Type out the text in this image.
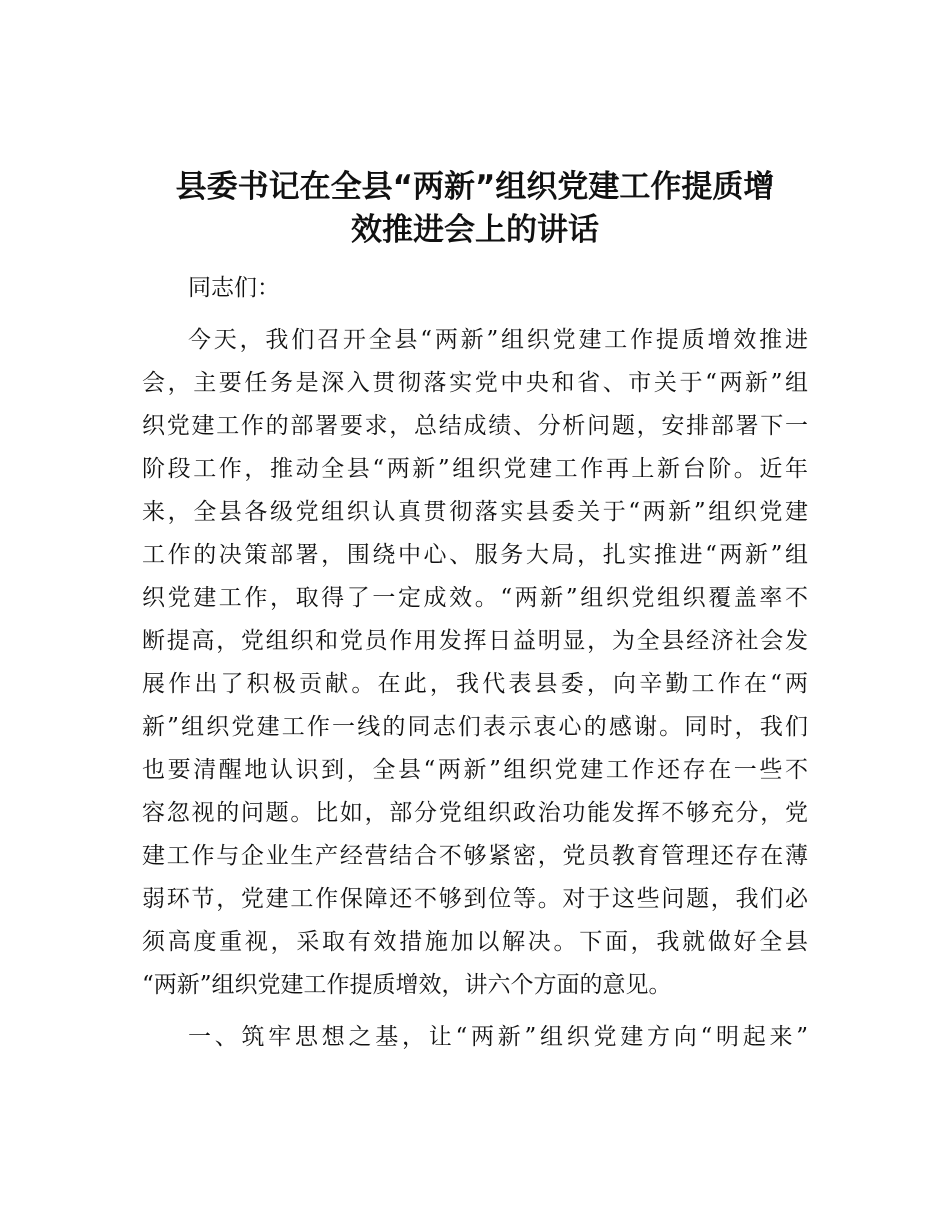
县委书记在全县“两新”组织党建工作提质增
效推进会上的讲话
同志们：
今天，我们召开全县“两新”组织党建工作提质增效推进
会，主要任务是深入贯彻落实党中央和省、市关于“两新”组
织党建工作的部署要求，总结成绩、分析问题，安排部署下一
阶段工作，推动全县“两新”组织党建工作再上新台阶。近年
来，全县各级党组织认真贯彻落实县委关于“两新”组织党建
工作的决策部署，围绕中心、服务大局，扎实推进“两新”组
织党建工作，取得了一定成效。“两新”组织党组织覆盖率不
断提高，党组织和党员作用发挥日益明显，为全县经济社会发
展作出了积极贡献。在此，我代表县委，向辛勤工作在“两
新”组织党建工作一线的同志们表示衷心的感谢。同时，我们
也要清醒地认识到，全县“两新”组织党建工作还存在一些不
容忽视的问题。比如，部分党组织政治功能发挥不够充分，党
建工作与企业生产经营结合不够紧密，党员教育管理还存在薄
弱环节，党建工作保障还不够到位等。对于这些问题，我们必
须高度重视，采取有效措施加以解决。下面，我就做好全县
“两新”组织党建工作提质增效，讲六个方面的意见。
一、筑牢思想之基，让“两新”组织党建方向“明起来”
